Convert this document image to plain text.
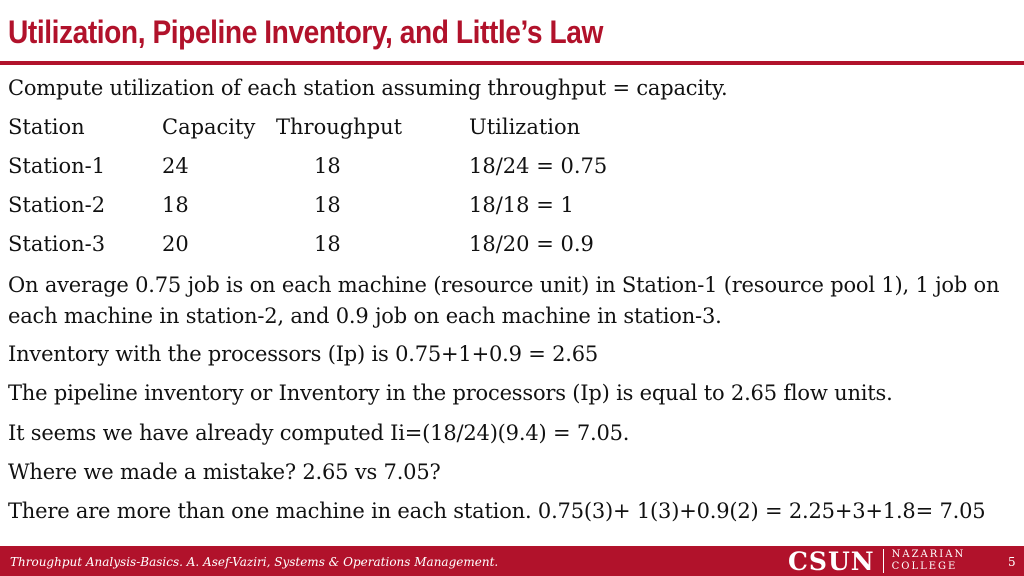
Utilization, Pipeline Inventory, and Little’s Law
Compute utilization of each station assuming throughput = capacity.
Station	Capacity Throughput	Utilization
Station-1	24	18	18/24 = 0.75
Station-2	18	18	18/18 = 1
Station-3	20	18	18/20 = 0.9
On average 0.75 job is on each machine (resource unit) in Station-1 (resource pool 1), 1 job on each machine in station-2, and 0.9 job on each machine in station-3.
Inventory with the processors (Ip) is 0.75+1+0.9 = 2.65
The pipeline inventory or Inventory in the processors (Ip) is equal to 2.65 flow units.
It seems we have already computed Ii=(18/24)(9.4) = 7.05.
Where we made a mistake? 2.65 vs 7.05?
There are more than one machine in each station. 0.75(3)+ 1(3)+0.9(2) = 2.25+3+1.8= 7.05
Throughput Analysis-Basics. A. Asef-Vaziri, Systems & Operations Management.	CSUN NAZARIAN
COLLEGE	5
